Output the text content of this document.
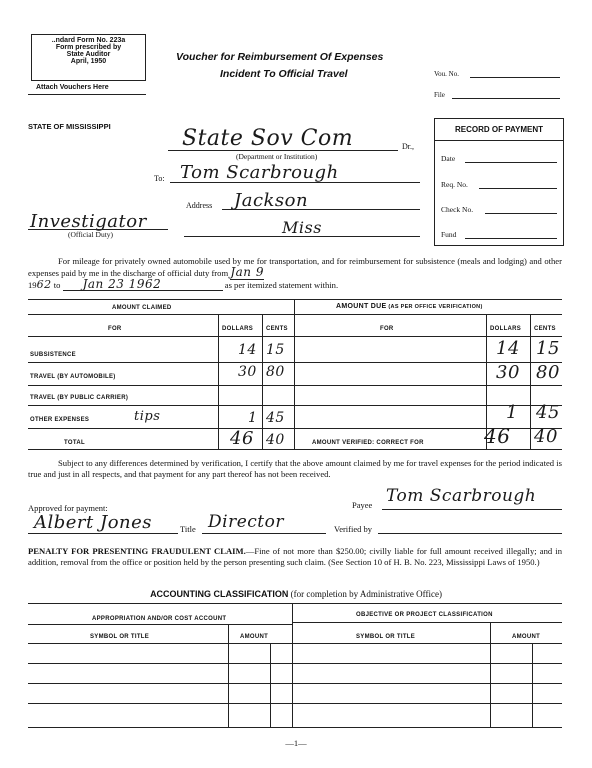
..ndard Form No. 223a
Form prescribed by
State Auditor
April, 1950
Attach Vouchers Here
Voucher for Reimbursement Of Expenses
Incident To Official Travel	Vou. No.
File
STATE OF MISSISSIPPI	State Sov Com	Dr.,
(Department or Institution)
To: Tom Scarbrough
Address Jackson
Miss
Investigator
(Official Duty)
RECORD OF PAYMENT
Date
Req. No.
Check No.
Fund
For mileage for privately owned automobile used by me for transportation, and for reimbursement for subsistence (meals and lodging) and other expenses paid by me in the discharge of official duty from Jan 9
1962 to Jan 23 1962	as per itemized statement within.
AMOUNT CLAIMED	AMOUNT DUE (AS PER OFFICE VERIFICATION)
FOR	DOLLARS CENTS	FOR	DOLLARS CENTS
SUBSISTENCE	14 15	14 15
TRAVEL (BY AUTOMOBILE)	30 80	30 80
TRAVEL (BY PUBLIC CARRIER)
OTHER EXPENSES	tips	1 45	1 45
TOTAL	46 40	AMOUNT VERIFIED: CORRECT FOR	46 40
Subject to any differences determined by verification, I certify that the above amount claimed by me for travel expenses for the period indicated is true and just in all respects, and that payment for any part thereof has not been received.
Payee Tom Scarbrough
Approved for payment:
Albert Jones	Title Director	Verified by
PENALTY FOR PRESENTING FRAUDULENT CLAIM.—Fine of not more than $250.00; civilly liable for full amount received illegally; and in addition, removal from the office or position held by the person presenting such claim. (See Section 10 of H. B. No. 223, Mississippi Laws of 1950.)
ACCOUNTING CLASSIFICATION (for completion by Administrative Office)
APPROPRIATION AND/OR COST ACCOUNT
OBJECTIVE OR PROJECT CLASSIFICATION
SYMBOL OR TITLE	AMOUNT	SYMBOL OR TITLE	AMOUNT
—1—
